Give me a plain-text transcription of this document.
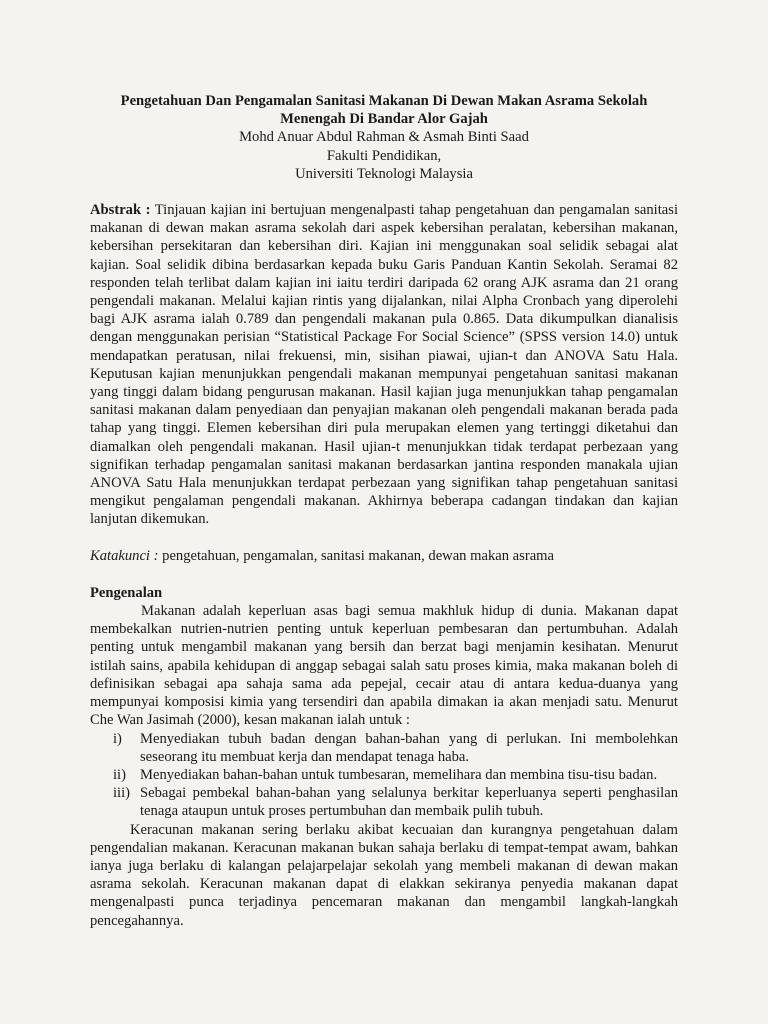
Pengetahuan Dan Pengamalan Sanitasi Makanan Di Dewan Makan Asrama Sekolah
Menengah Di Bandar Alor Gajah
Mohd Anuar Abdul Rahman & Asmah Binti Saad
Fakulti Pendidikan,
Universiti Teknologi Malaysia
Abstrak : Tinjauan kajian ini bertujuan mengenalpasti tahap pengetahuan dan pengamalan sanitasi makanan di dewan makan asrama sekolah dari aspek kebersihan peralatan, kebersihan makanan, kebersihan persekitaran dan kebersihan diri. Kajian ini menggunakan soal selidik sebagai alat kajian. Soal selidik dibina berdasarkan kepada buku Garis Panduan Kantin Sekolah. Seramai 82 responden telah terlibat dalam kajian ini iaitu terdiri daripada 62 orang AJK asrama dan 21 orang pengendali makanan. Melalui kajian rintis yang dijalankan, nilai Alpha Cronbach yang diperolehi bagi AJK asrama ialah 0.789 dan pengendali makanan pula 0.865. Data dikumpulkan dianalisis dengan menggunakan perisian “Statistical Package For Social Science” (SPSS version 14.0) untuk mendapatkan peratusan, nilai frekuensi, min, sisihan piawai, ujian-t dan ANOVA Satu Hala. Keputusan kajian menunjukkan pengendali makanan mempunyai pengetahuan sanitasi makanan yang tinggi dalam bidang pengurusan makanan. Hasil kajian juga menunjukkan tahap pengamalan sanitasi makanan dalam penyediaan dan penyajian makanan oleh pengendali makanan berada pada tahap yang tinggi. Elemen kebersihan diri pula merupakan elemen yang tertinggi diketahui dan diamalkan oleh pengendali makanan. Hasil ujian-t menunjukkan tidak terdapat perbezaan yang signifikan terhadap pengamalan sanitasi makanan berdasarkan jantina responden manakala ujian ANOVA Satu Hala menunjukkan terdapat perbezaan yang signifikan tahap pengetahuan sanitasi mengikut pengalaman pengendali makanan. Akhirnya beberapa cadangan tindakan dan kajian lanjutan dikemukan.
Katakunci : pengetahuan, pengamalan, sanitasi makanan, dewan makan asrama
Pengenalan
Makanan adalah keperluan asas bagi semua makhluk hidup di dunia. Makanan dapat membekalkan nutrien-nutrien penting untuk keperluan pembesaran dan pertumbuhan. Adalah penting untuk mengambil makanan yang bersih dan berzat bagi menjamin kesihatan. Menurut istilah sains, apabila kehidupan di anggap sebagai salah satu proses kimia, maka makanan boleh di definisikan sebagai apa sahaja sama ada pepejal, cecair atau di antara kedua-duanya yang mempunyai komposisi kimia yang tersendiri dan apabila dimakan ia akan menjadi satu. Menurut Che Wan Jasimah (2000), kesan makanan ialah untuk :
i)	Menyediakan tubuh badan dengan bahan-bahan yang di perlukan. Ini membolehkan seseorang itu membuat kerja dan mendapat tenaga haba.
ii) Menyediakan bahan-bahan untuk tumbesaran, memelihara dan membina tisu-tisu badan.
iii) Sebagai pembekal bahan-bahan yang selalunya berkitar keperluanya seperti penghasilan tenaga ataupun untuk proses pertumbuhan dan membaik pulih tubuh.
Keracunan makanan sering berlaku akibat kecuaian dan kurangnya pengetahuan dalam pengendalian makanan. Keracunan makanan bukan sahaja berlaku di tempat-tempat awam, bahkan ianya juga berlaku di kalangan pelajarpelajar sekolah yang membeli makanan di dewan makan asrama sekolah. Keracunan makanan dapat di elakkan sekiranya penyedia makanan dapat mengenalpasti punca terjadinya pencemaran makanan dan mengambil langkah-langkah pencegahannya.
